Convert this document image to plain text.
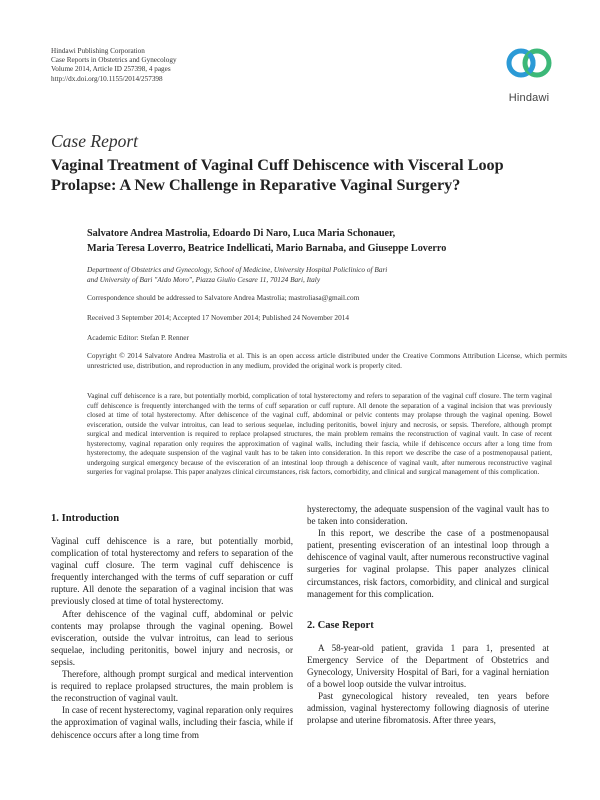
Hindawi Publishing Corporation
Case Reports in Obstetrics and Gynecology
Volume 2014, Article ID 257398, 4 pages
http://dx.doi.org/10.1155/2014/257398
Hindawi
Case Report
Vaginal Treatment of Vaginal Cuff Dehiscence with Visceral Loop Prolapse: A New Challenge in Reparative Vaginal Surgery?
Salvatore Andrea Mastrolia, Edoardo Di Naro, Luca Maria Schonauer,
Maria Teresa Loverro, Beatrice Indellicati, Mario Barnaba, and Giuseppe Loverro
Department of Obstetrics and Gynecology, School of Medicine, University Hospital Policlinico of Bari
and University of Bari "Aldo Moro", Piazza Giulio Cesare 11, 70124 Bari, Italy
Correspondence should be addressed to Salvatore Andrea Mastrolia; mastroliasa@gmail.com
Received 3 September 2014; Accepted 17 November 2014; Published 24 November 2014
Academic Editor: Stefan P. Renner
Copyright © 2014 Salvatore Andrea Mastrolia et al. This is an open access article distributed under the Creative Commons Attribution License, which permits unrestricted use, distribution, and reproduction in any medium, provided the original work is properly cited.
Vaginal cuff dehiscence is a rare, but potentially morbid, complication of total hysterectomy and refers to separation of the vaginal cuff closure. The term vaginal cuff dehiscence is frequently interchanged with the terms of cuff separation or cuff rupture. All denote the separation of a vaginal incision that was previously closed at time of total hysterectomy. After dehiscence of the vaginal cuff, abdominal or pelvic contents may prolapse through the vaginal opening. Bowel evisceration, outside the vulvar introitus, can lead to serious sequelae, including peritonitis, bowel injury and necrosis, or sepsis. Therefore, although prompt surgical and medical intervention is required to replace prolapsed structures, the main problem remains the reconstruction of vaginal vault. In case of recent hysterectomy, vaginal reparation only requires the approximation of vaginal walls, including their fascia, while if dehiscence occurs after a long time from hysterectomy, the adequate suspension of the vaginal vault has to be taken into consideration. In this report we describe the case of a postmenopausal patient, undergoing surgical emergency because of the evisceration of an intestinal loop through a dehiscence of vaginal vault, after numerous reconstructive vaginal surgeries for vaginal prolapse. This paper analyzes clinical circumstances, risk factors, comorbidity, and clinical and surgical management of this complication.
1. Introduction

Vaginal cuff dehiscence is a rare, but potentially morbid, complication of total hysterectomy and refers to separation of the vaginal cuff closure. The term vaginal cuff dehiscence is frequently interchanged with the terms of cuff separation or cuff rupture. All denote the separation of a vaginal incision that was previously closed at time of total hysterectomy.

After dehiscence of the vaginal cuff, abdominal or pelvic contents may prolapse through the vaginal opening. Bowel evisceration, outside the vulvar introitus, can lead to serious sequelae, including peritonitis, bowel injury and necrosis, or sepsis.

Therefore, although prompt surgical and medical intervention is required to replace prolapsed structures, the main problem is the reconstruction of vaginal vault.

In case of recent hysterectomy, vaginal reparation only requires the approximation of vaginal walls, including their fascia, while if dehiscence occurs after a long time from

hysterectomy, the adequate suspension of the vaginal vault has to be taken into consideration.

In this report, we describe the case of a postmenopausal patient, presenting evisceration of an intestinal loop through a dehiscence of vaginal vault, after numerous reconstructive vaginal surgeries for vaginal prolapse. This paper analyzes clinical circumstances, risk factors, comorbidity, and clinical and surgical management for this complication.

2. Case Report

A 58-year-old patient, gravida 1 para 1, presented at Emergency Service of the Department of Obstetrics and Gynecology, University Hospital of Bari, for a vaginal herniation of a bowel loop outside the vulvar introitus.

Past gynecological history revealed, ten years before admission, vaginal hysterectomy following diagnosis of uterine prolapse and uterine fibromatosis. After three years,
